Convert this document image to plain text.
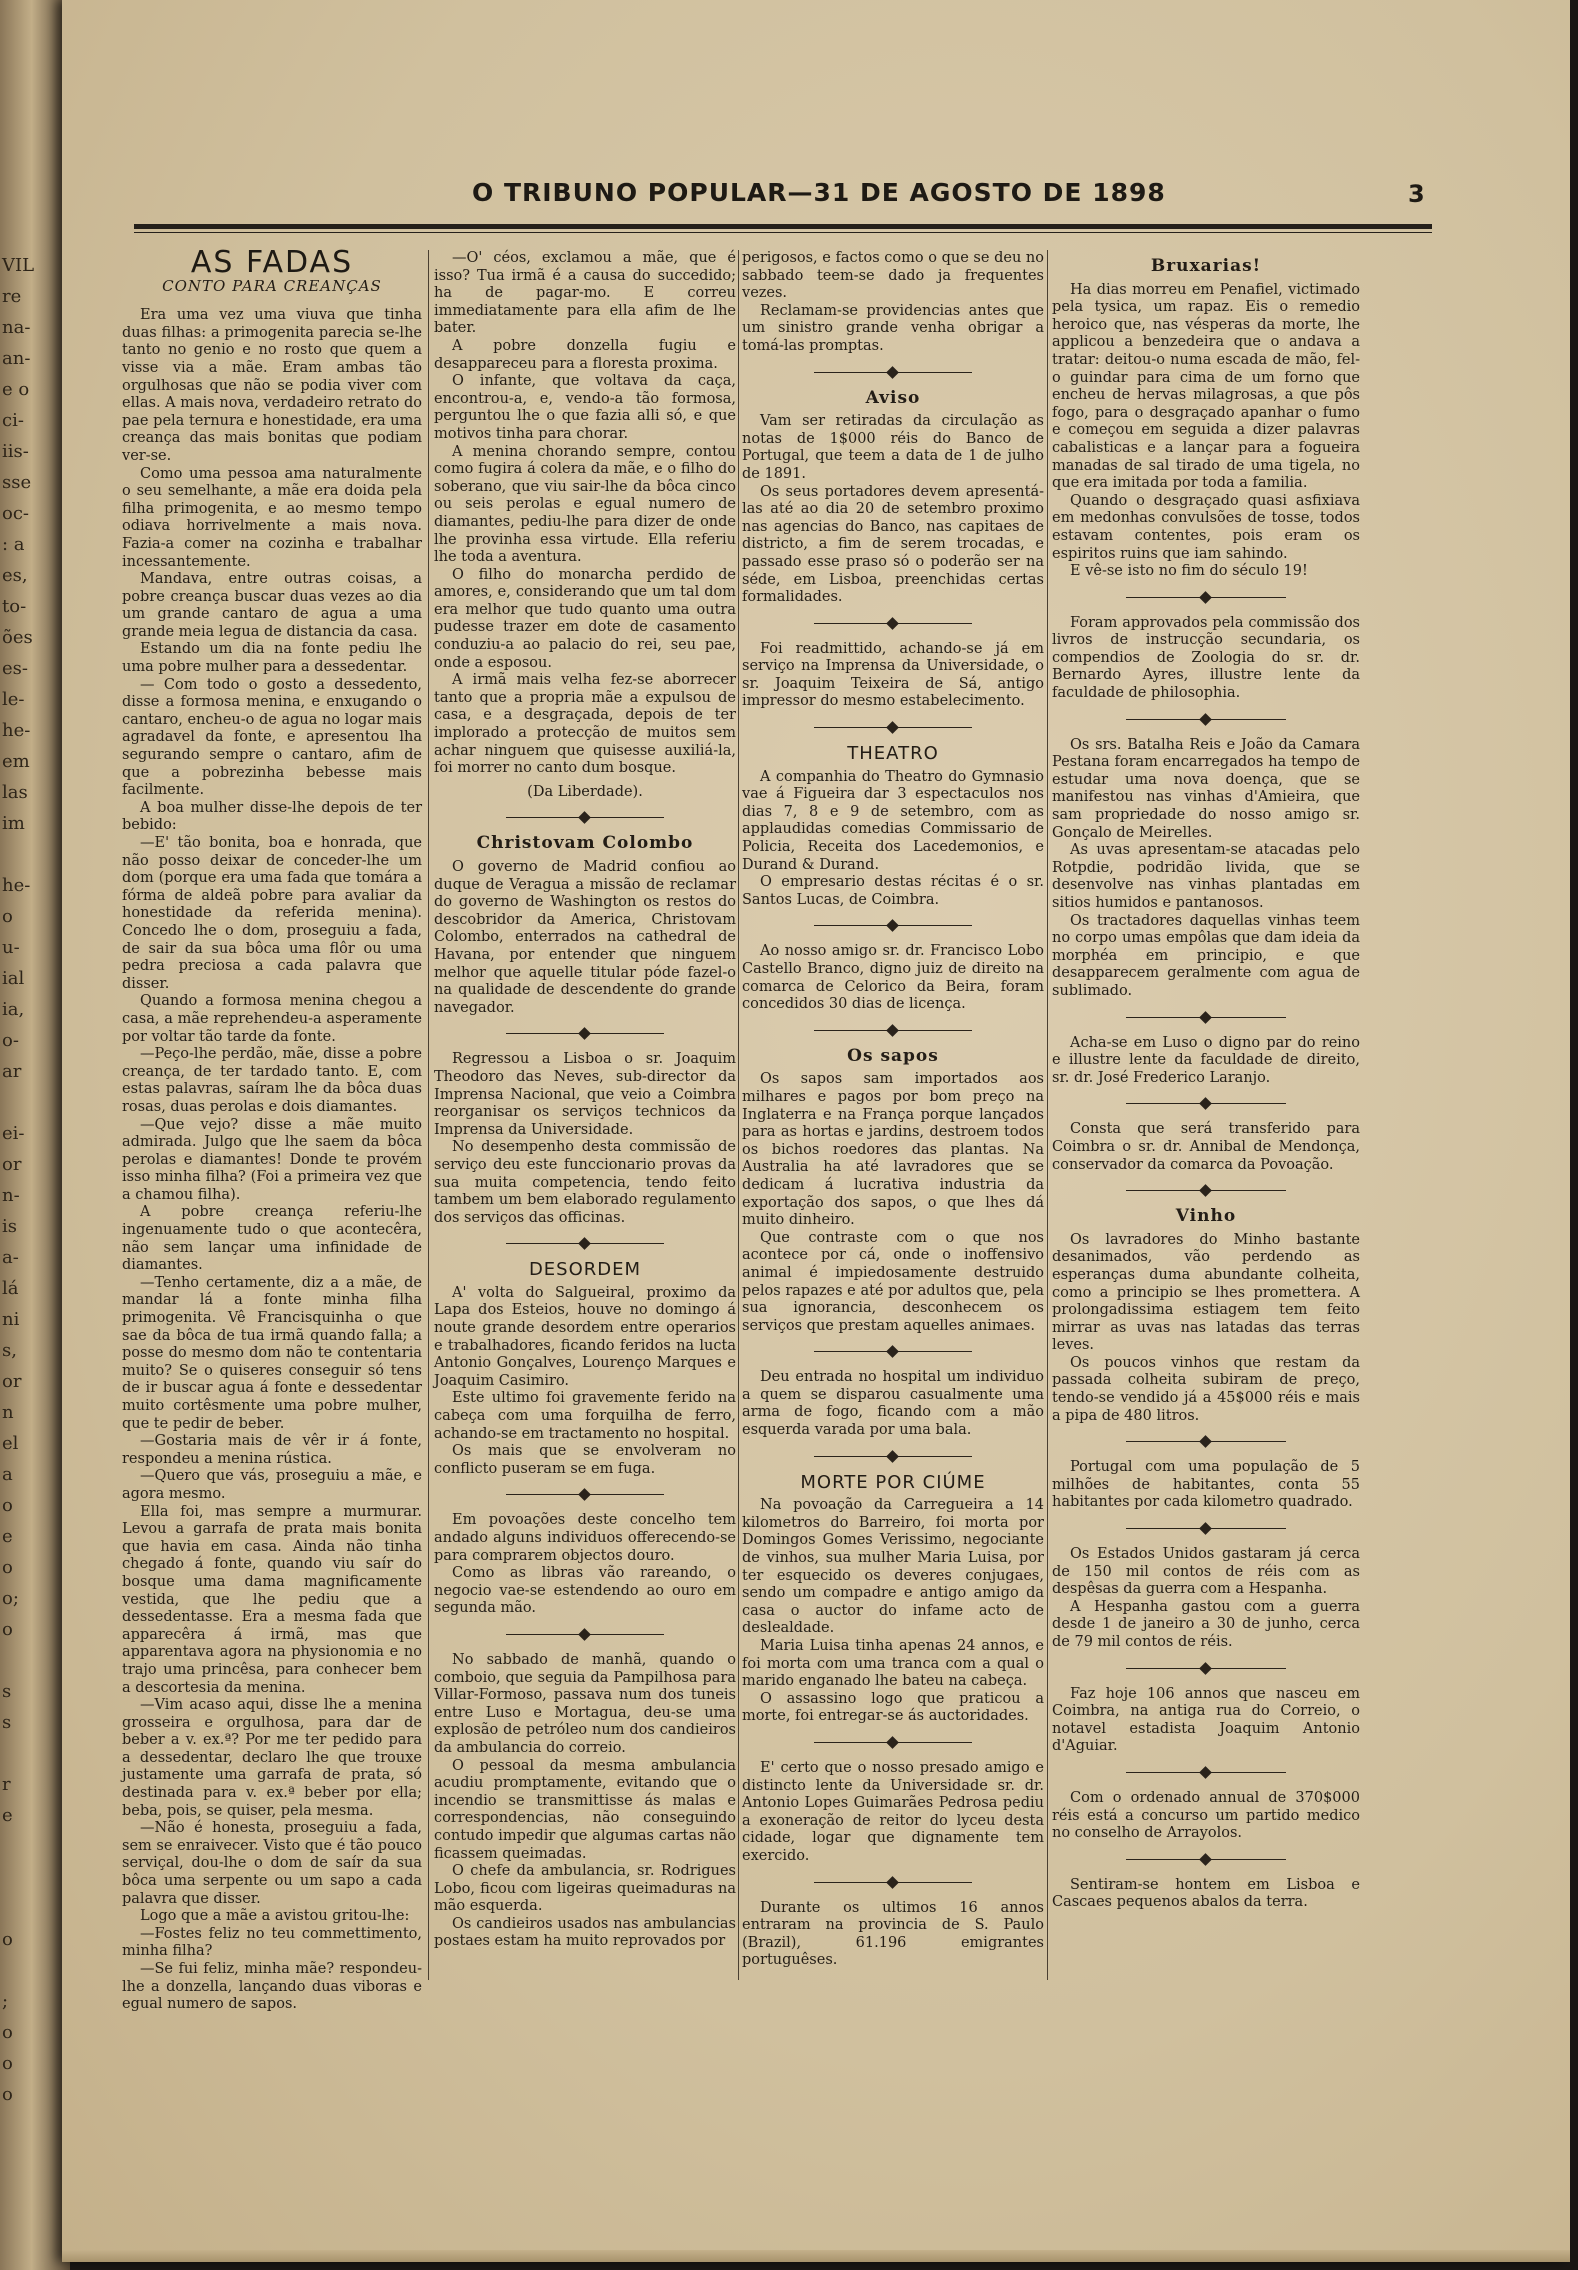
VIL
re
na-
an-
e o
ci-
iis-
sse
oc-
: a
es,
to-
ões
es-
le-
he-
em
las
im
he-
o
u-
ial
ia,
o-
ar
ei-
or
n-
is
a-
lá
ni
s,
or
n
el
a
o
e
o
o;
o
s
s
r
e
o
;
o
o
o
O TRIBUNO POPULAR—31 DE AGOSTO DE 1898	3
AS FADAS
CONTO PARA CREANÇAS

Era uma vez uma viuva que tinha duas filhas: a primogenita parecia se-lhe tanto no genio e no rosto que quem a visse via a mãe. Eram ambas tão orgulhosas que não se podia viver com ellas. A mais nova, verdadeiro retrato do pae pela ternura e honestidade, era uma creança das mais bonitas que podiam ver-se.

Como uma pessoa ama naturalmente o seu semelhante, a mãe era doida pela filha primogenita, e ao mesmo tempo odiava horrivelmente a mais nova. Fazia-a comer na cozinha e trabalhar incessantemente.

Mandava, entre outras coisas, a pobre creança buscar duas vezes ao dia um grande cantaro de agua a uma grande meia legua de distancia da casa.

Estando um dia na fonte pediu lhe uma pobre mulher para a dessedentar.

— Com todo o gosto a dessedento, disse a formosa menina, e enxugando o cantaro, encheu-o de agua no logar mais agradavel da fonte, e apresentou lha segurando sempre o cantaro, afim de que a pobrezinha bebesse mais facilmente.

A boa mulher disse-lhe depois de ter bebido:

—E' tão bonita, boa e honrada, que não posso deixar de conceder-lhe um dom (porque era uma fada que tomára a fórma de aldeã pobre para avaliar da honestidade da referida menina). Concedo lhe o dom, proseguiu a fada, de sair da sua bôca uma flôr ou uma pedra preciosa a cada palavra que disser.

Quando a formosa menina chegou a casa, a mãe reprehendeu-a asperamente por voltar tão tarde da fonte.

—Peço-lhe perdão, mãe, disse a pobre creança, de ter tardado tanto. E, com estas palavras, saíram lhe da bôca duas rosas, duas perolas e dois diamantes.

—Que vejo? disse a mãe muito admirada. Julgo que lhe saem da bôca perolas e diamantes! Donde te provém isso minha filha? (Foi a primeira vez que a chamou filha).

A pobre creança referiu-lhe ingenuamente tudo o que acontecêra, não sem lançar uma infinidade de diamantes.

—Tenho certamente, diz a a mãe, de mandar lá a fonte minha filha primogenita. Vê Francisquinha o que sae da bôca de tua irmã quando falla; a posse do mesmo dom não te contentaria muito? Se o quiseres conseguir só tens de ir buscar agua á fonte e dessedentar muito cortêsmente uma pobre mulher, que te pedir de beber.

—Gostaria mais de vêr ir á fonte, respondeu a menina rústica.

—Quero que vás, proseguiu a mãe, e agora mesmo.

Ella foi, mas sempre a murmurar. Levou a garrafa de prata mais bonita que havia em casa. Ainda não tinha chegado á fonte, quando viu saír do bosque uma dama magnificamente vestida, que lhe pediu que a dessedentasse. Era a mesma fada que apparecêra á irmã, mas que apparentava agora na physionomia e no trajo uma princêsa, para conhecer bem a descortesia da menina.

—Vim acaso aqui, disse lhe a menina grosseira e orgulhosa, para dar de beber a v. ex.ª? Por me ter pedido para a dessedentar, declaro lhe que trouxe justamente uma garrafa de prata, só destinada para v. ex.ª beber por ella; beba, pois, se quiser, pela mesma.

—Não é honesta, proseguiu a fada, sem se enraivecer. Visto que é tão pouco serviçal, dou-lhe o dom de saír da sua bôca uma serpente ou um sapo a cada palavra que disser.

Logo que a mãe a avistou gritou-lhe:

—Fostes feliz no teu commettimento, minha filha?

—Se fui feliz, minha mãe? respondeu-lhe a donzella, lançando duas viboras e egual numero de sapos.

—O' céos, exclamou a mãe, que é isso? Tua irmã é a causa do succedido; ha de pagar-mo. E correu immediatamente para ella afim de lhe bater.

A pobre donzella fugiu e desappareceu para a floresta proxima.

O infante, que voltava da caça, encontrou-a, e, vendo-a tão formosa, perguntou lhe o que fazia alli só, e que motivos tinha para chorar.

A menina chorando sempre, contou como fugira á colera da mãe, e o filho do soberano, que viu sair-lhe da bôca cinco ou seis perolas e egual numero de diamantes, pediu-lhe para dizer de onde lhe provinha essa virtude. Ella referiu lhe toda a aventura.

O filho do monarcha perdido de amores, e, considerando que um tal dom era melhor que tudo quanto uma outra pudesse trazer em dote de casamento conduziu-a ao palacio do rei, seu pae, onde a esposou.

A irmã mais velha fez-se aborrecer tanto que a propria mãe a expulsou de casa, e a desgraçada, depois de ter implorado a protecção de muitos sem achar ninguem que quisesse auxiliá-la, foi morrer no canto dum bosque.

(Da Liberdade).

Christovam Colombo

O governo de Madrid confiou ao duque de Veragua a missão de reclamar do governo de Washington os restos do descobridor da America, Christovam Colombo, enterrados na cathedral de Havana, por entender que ninguem melhor que aquelle titular póde fazel-o na qualidade de descendente do grande navegador.

Regressou a Lisboa o sr. Joaquim Theodoro das Neves, sub-director da Imprensa Nacional, que veio a Coimbra reorganisar os serviços technicos da Imprensa da Universidade.

No desempenho desta commissão de serviço deu este funccionario provas da sua muita competencia, tendo feito tambem um bem elaborado regulamento dos serviços das officinas.

DESORDEM

A' volta do Salgueiral, proximo da Lapa dos Esteios, houve no domingo á noute grande desordem entre operarios e trabalhadores, ficando feridos na lucta Antonio Gonçalves, Lourenço Marques e Joaquim Casimiro.

Este ultimo foi gravemente ferido na cabeça com uma forquilha de ferro, achando-se em tractamento no hospital.

Os mais que se envolveram no conflicto puseram se em fuga.

Em povoações deste concelho tem andado alguns individuos offerecendo-se para comprarem objectos douro.

Como as libras vão rareando, o negocio vae-se estendendo ao ouro em segunda mão.

No sabbado de manhã, quando o comboio, que seguia da Pampilhosa para Villar-Formoso, passava num dos tuneis entre Luso e Mortagua, deu-se uma explosão de petróleo num dos candieiros da ambulancia do correio.

O pessoal da mesma ambulancia acudiu promptamente, evitando que o incendio se transmittisse ás malas e correspondencias, não conseguindo contudo impedir que algumas cartas não ficassem queimadas.

O chefe da ambulancia, sr. Rodrigues Lobo, ficou com ligeiras queimaduras na mão esquerda.

Os candieiros usados nas ambulancias postaes estam ha muito reprovados por

perigosos, e factos como o que se deu no sabbado teem-se dado ja frequentes vezes.

Reclamam-se providencias antes que um sinistro grande venha obrigar a tomá-las promptas.

Aviso

Vam ser retiradas da circulação as notas de 1$000 réis do Banco de Portugal, que teem a data de 1 de julho de 1891.

Os seus portadores devem apresentá-las até ao dia 20 de setembro proximo nas agencias do Banco, nas capitaes de districto, a fim de serem trocadas, e passado esse praso só o poderão ser na séde, em Lisboa, preenchidas certas formalidades.

Foi readmittido, achando-se já em serviço na Imprensa da Universidade, o sr. Joaquim Teixeira de Sá, antigo impressor do mesmo estabelecimento.

THEATRO

A companhia do Theatro do Gymnasio vae á Figueira dar 3 espectaculos nos dias 7, 8 e 9 de setembro, com as applaudidas comedias Commissario de Policia, Receita dos Lacedemonios, e Durand & Durand.

O empresario destas récitas é o sr. Santos Lucas, de Coimbra.

Ao nosso amigo sr. dr. Francisco Lobo Castello Branco, digno juiz de direito na comarca de Celorico da Beira, foram concedidos 30 dias de licença.

Os sapos

Os sapos sam importados aos milhares e pagos por bom preço na Inglaterra e na França porque lançados para as hortas e jardins, destroem todos os bichos roedores das plantas. Na Australia ha até lavradores que se dedicam á lucrativa industria da exportação dos sapos, o que lhes dá muito dinheiro.

Que contraste com o que nos acontece por cá, onde o inoffensivo animal é impiedosamente destruido pelos rapazes e até por adultos que, pela sua ignorancia, desconhecem os serviços que prestam aquelles animaes.

Deu entrada no hospital um individuo a quem se disparou casualmente uma arma de fogo, ficando com a mão esquerda varada por uma bala.

MORTE POR CIÚME

Na povoação da Carregueira a 14 kilometros do Barreiro, foi morta por Domingos Gomes Verissimo, negociante de vinhos, sua mulher Maria Luisa, por ter esquecido os deveres conjugaes, sendo um compadre e antigo amigo da casa o auctor do infame acto de deslealdade.

Maria Luisa tinha apenas 24 annos, e foi morta com uma tranca com a qual o marido enganado lhe bateu na cabeça.

O assassino logo que praticou a morte, foi entregar-se ás auctoridades.

E' certo que o nosso presado amigo e distincto lente da Universidade sr. dr. Antonio Lopes Guimarães Pedrosa pediu a exoneração de reitor do lyceu desta cidade, logar que dignamente tem exercido.

Durante os ultimos 16 annos entraram na provincia de S. Paulo (Brazil), 61.196 emigrantes portuguêses.

Bruxarias!

Ha dias morreu em Penafiel, victimado pela tysica, um rapaz. Eis o remedio heroico que, nas vésperas da morte, lhe applicou a benzedeira que o andava a tratar: deitou-o numa escada de mão, fel-o guindar para cima de um forno que encheu de hervas milagrosas, a que pôs fogo, para o desgraçado apanhar o fumo e começou em seguida a dizer palavras cabalisticas e a lançar para a fogueira manadas de sal tirado de uma tigela, no que era imitada por toda a familia.

Quando o desgraçado quasi asfixiava em medonhas convulsões de tosse, todos estavam contentes, pois eram os espiritos ruins que iam sahindo.

E vê-se isto no fim do século 19!

Foram approvados pela commissão dos livros de instrucção secundaria, os compendios de Zoologia do sr. dr. Bernardo Ayres, illustre lente da faculdade de philosophia.

Os srs. Batalha Reis e João da Camara Pestana foram encarregados ha tempo de estudar uma nova doença, que se manifestou nas vinhas d'Amieira, que sam propriedade do nosso amigo sr. Gonçalo de Meirelles.

As uvas apresentam-se atacadas pelo Rotpdie, podridão livida, que se desenvolve nas vinhas plantadas em sitios humidos e pantanosos.

Os tractadores daquellas vinhas teem no corpo umas empôlas que dam ideia da morphéa em principio, e que desapparecem geralmente com agua de sublimado.

Acha-se em Luso o digno par do reino e illustre lente da faculdade de direito, sr. dr. José Frederico Laranjo.

Consta que será transferido para Coimbra o sr. dr. Annibal de Mendonça, conservador da comarca da Povoação.

Vinho

Os lavradores do Minho bastante desanimados, vão perdendo as esperanças duma abundante colheita, como a principio se lhes promettera. A prolongadissima estiagem tem feito mirrar as uvas nas latadas das terras leves.

Os poucos vinhos que restam da passada colheita subiram de preço, tendo-se vendido já a 45$000 réis e mais a pipa de 480 litros.

Portugal com uma população de 5 milhões de habitantes, conta 55 habitantes por cada kilometro quadrado.

Os Estados Unidos gastaram já cerca de 150 mil contos de réis com as despêsas da guerra com a Hespanha.

A Hespanha gastou com a guerra desde 1 de janeiro a 30 de junho, cerca de 79 mil contos de réis.

Faz hoje 106 annos que nasceu em Coimbra, na antiga rua do Correio, o notavel estadista Joaquim Antonio d'Aguiar.

Com o ordenado annual de 370$000 réis está a concurso um partido medico no conselho de Arrayolos.

Sentiram-se hontem em Lisboa e Cascaes pequenos abalos da terra.
